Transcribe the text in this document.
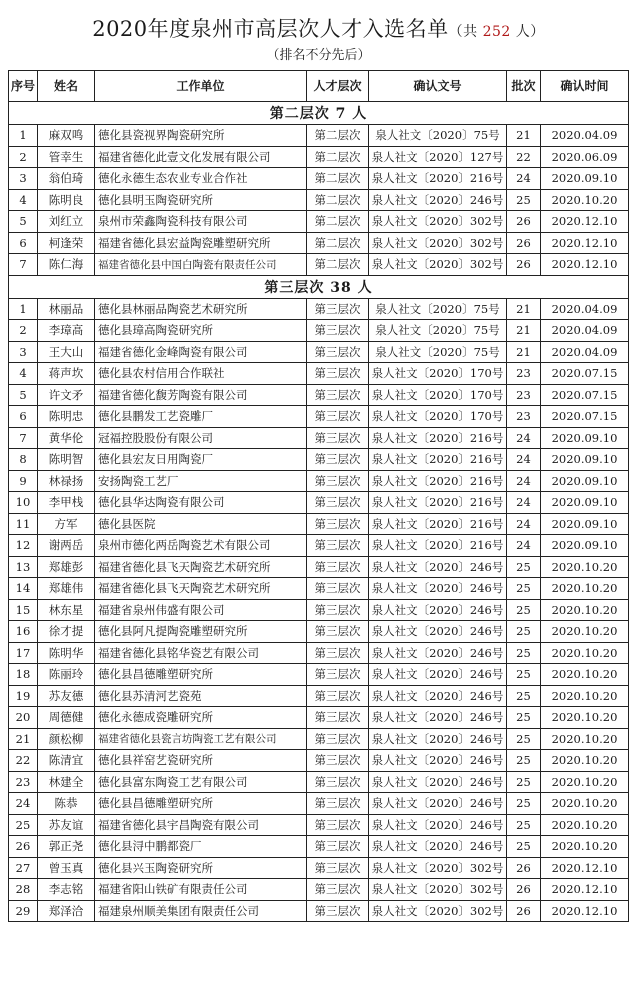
2020年度泉州市高层次人才入选名单（共 252 人）
（排名不分先后）
序号	姓名	工作单位	人才层次	确认文号	批次	确认时间
第二层次 7 人						
1	麻双鸣	德化县瓷视界陶瓷研究所	第二层次	泉人社文〔2020〕75号	21	2020.04.09
2	管幸生	福建省德化此壹文化发展有限公司	第二层次	泉人社文〔2020〕127号	22	2020.06.09
3	翁伯琦	德化永德生态农业专业合作社	第二层次	泉人社文〔2020〕216号	24	2020.09.10
4	陈明良	德化县明玉陶瓷研究所	第二层次	泉人社文〔2020〕246号	25	2020.10.20
5	刘红立	泉州市荣鑫陶瓷科技有限公司	第二层次	泉人社文〔2020〕302号	26	2020.12.10
6	柯逢荣	福建省德化县宏益陶瓷雕塑研究所	第二层次	泉人社文〔2020〕302号	26	2020.12.10
7	陈仁海	福建省德化县中国白陶瓷有限责任公司	第二层次	泉人社文〔2020〕302号	26	2020.12.10
第三层次 38 人						
1	林丽品	德化县林丽品陶瓷艺术研究所	第三层次	泉人社文〔2020〕75号	21	2020.04.09
2	李璋高	德化县璋高陶瓷研究所	第三层次	泉人社文〔2020〕75号	21	2020.04.09
3	王大山	福建省德化金峰陶瓷有限公司	第三层次	泉人社文〔2020〕75号	21	2020.04.09
4	蒋声坎	德化县农村信用合作联社	第三层次	泉人社文〔2020〕170号	23	2020.07.15
5	许文矛	福建省德化馥芳陶瓷有限公司	第三层次	泉人社文〔2020〕170号	23	2020.07.15
6	陈明忠	德化县鹏发工艺瓷雕厂	第三层次	泉人社文〔2020〕170号	23	2020.07.15
7	黄华伦	冠福控股股份有限公司	第三层次	泉人社文〔2020〕216号	24	2020.09.10
8	陈明智	德化县宏友日用陶瓷厂	第三层次	泉人社文〔2020〕216号	24	2020.09.10
9	林禄扬	安扬陶瓷工艺厂	第三层次	泉人社文〔2020〕216号	24	2020.09.10
10	李甲栈	德化县华达陶瓷有限公司	第三层次	泉人社文〔2020〕216号	24	2020.09.10
11	方军	德化县医院	第三层次	泉人社文〔2020〕216号	24	2020.09.10
12	谢两岳	泉州市德化两岳陶瓷艺术有限公司	第三层次	泉人社文〔2020〕216号	24	2020.09.10
13	郑雄彭	福建省德化县飞天陶瓷艺术研究所	第三层次	泉人社文〔2020〕246号	25	2020.10.20
14	郑雄伟	福建省德化县飞天陶瓷艺术研究所	第三层次	泉人社文〔2020〕246号	25	2020.10.20
15	林东星	福建省泉州伟盛有限公司	第三层次	泉人社文〔2020〕246号	25	2020.10.20
16	徐才提	德化县阿凡提陶瓷雕塑研究所	第三层次	泉人社文〔2020〕246号	25	2020.10.20
17	陈明华	福建省德化县铭华瓷艺有限公司	第三层次	泉人社文〔2020〕246号	25	2020.10.20
18	陈丽玲	德化县昌德雕塑研究所	第三层次	泉人社文〔2020〕246号	25	2020.10.20
19	苏友德	德化县苏清河艺瓷苑	第三层次	泉人社文〔2020〕246号	25	2020.10.20
20	周德健	德化永德成瓷雕研究所	第三层次	泉人社文〔2020〕246号	25	2020.10.20
21	颜松柳	福建省德化县瓷言坊陶瓷工艺有限公司	第三层次	泉人社文〔2020〕246号	25	2020.10.20
22	陈清宜	德化县祥窑艺瓷研究所	第三层次	泉人社文〔2020〕246号	25	2020.10.20
23	林建全	德化县富东陶瓷工艺有限公司	第三层次	泉人社文〔2020〕246号	25	2020.10.20
24	陈恭	德化县昌德雕塑研究所	第三层次	泉人社文〔2020〕246号	25	2020.10.20
25	苏友谊	福建省德化县宇昌陶瓷有限公司	第三层次	泉人社文〔2020〕246号	25	2020.10.20
26	郭正尧	德化县浔中鹏都瓷厂	第三层次	泉人社文〔2020〕246号	25	2020.10.20
27	曾玉真	德化县兴玉陶瓷研究所	第三层次	泉人社文〔2020〕302号	26	2020.12.10
28	李志铭	福建省阳山铁矿有限责任公司	第三层次	泉人社文〔2020〕302号	26	2020.12.10
29	郑泽洽	福建泉州顺美集团有限责任公司	第三层次	泉人社文〔2020〕302号	26	2020.12.10
